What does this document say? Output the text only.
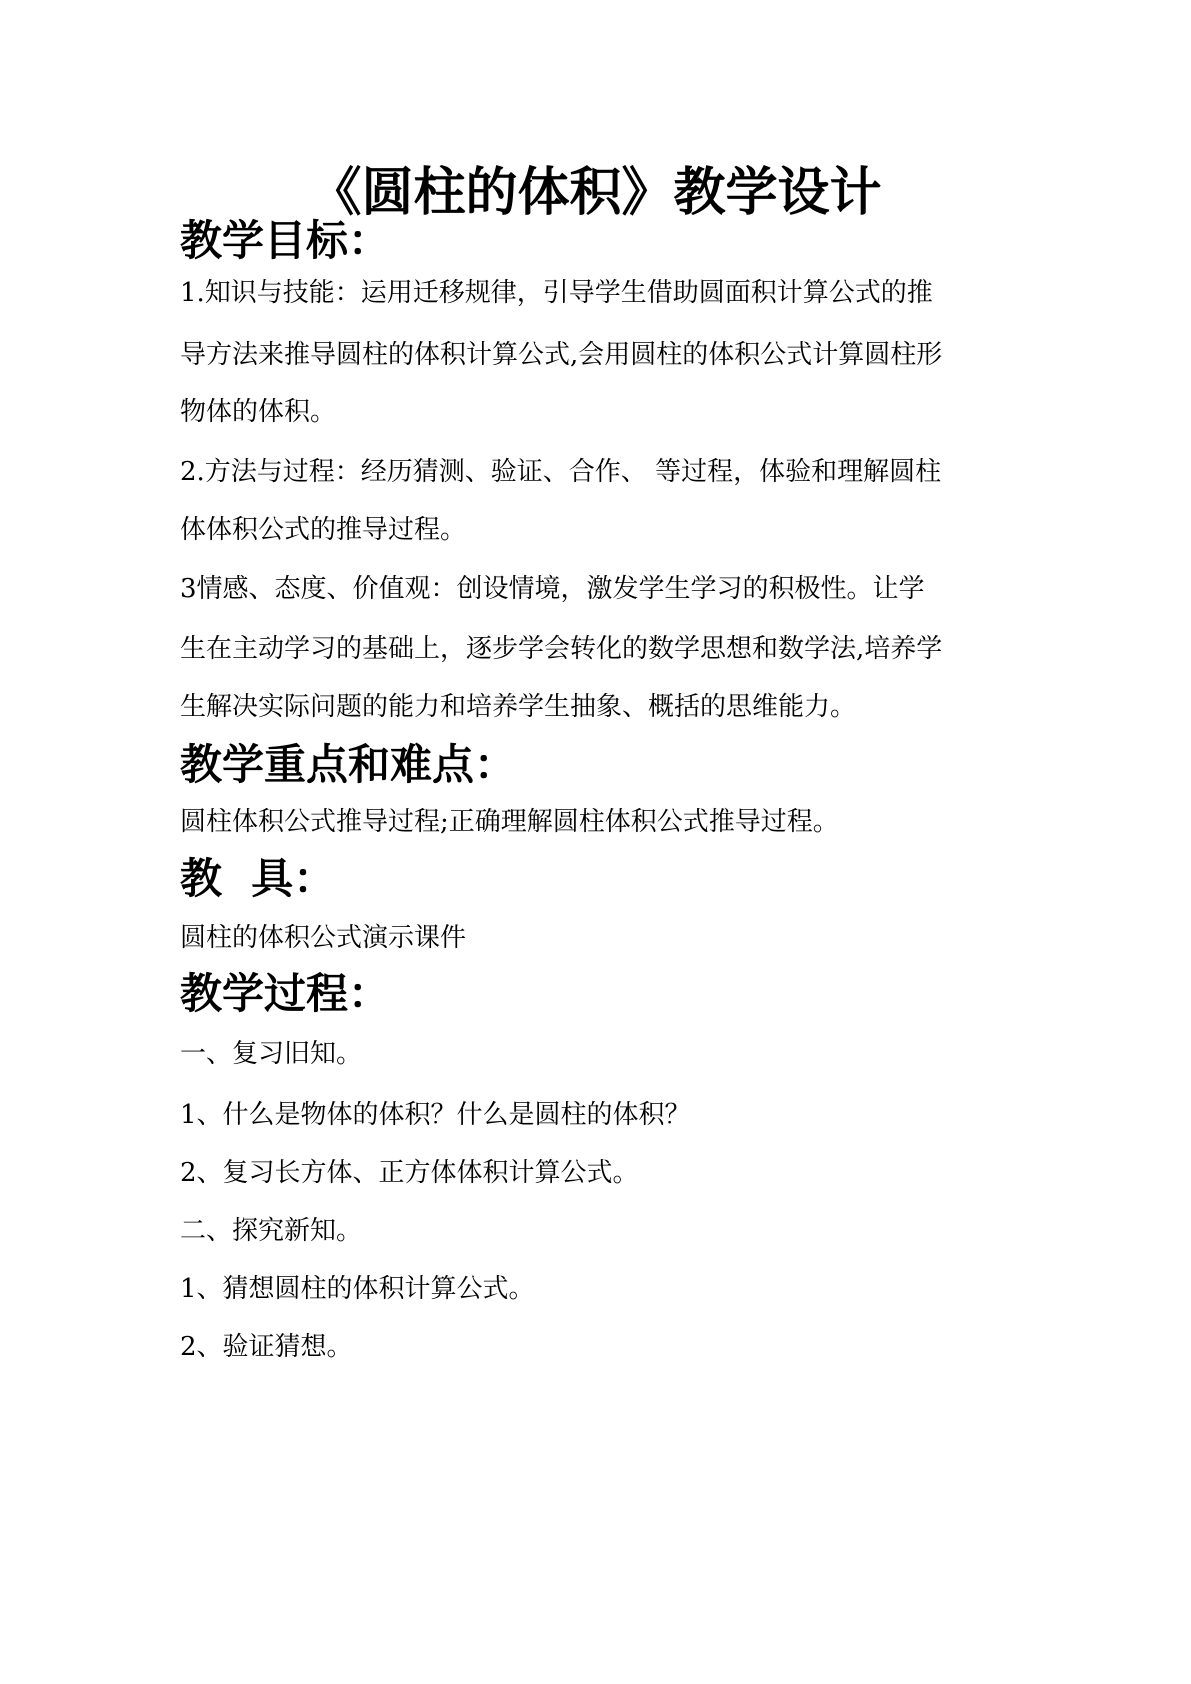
《圆柱的体积》教学设计
教学目标：
1.知识与技能：运用迁移规律，引导学生借助圆面积计算公式的推
导方法来推导圆柱的体积计算公式,会用圆柱的体积公式计算圆柱形
物体的体积。
2.方法与过程：经历猜测、验证、合作、 等过程，体验和理解圆柱
体体积公式的推导过程。
3情感、态度、价值观：创设情境，激发学生学习的积极性。让学
生在主动学习的基础上，逐步学会转化的数学思想和数学法,培养学
生解决实际问题的能力和培养学生抽象、概括的思维能力。
教学重点和难点：
圆柱体积公式推导过程;正确理解圆柱体积公式推导过程。
教  具：
圆柱的体积公式演示课件
教学过程：
一、复习旧知。
1、什么是物体的体积？什么是圆柱的体积？
2、复习长方体、正方体体积计算公式。
二、探究新知。
1、猜想圆柱的体积计算公式。
2、验证猜想。
